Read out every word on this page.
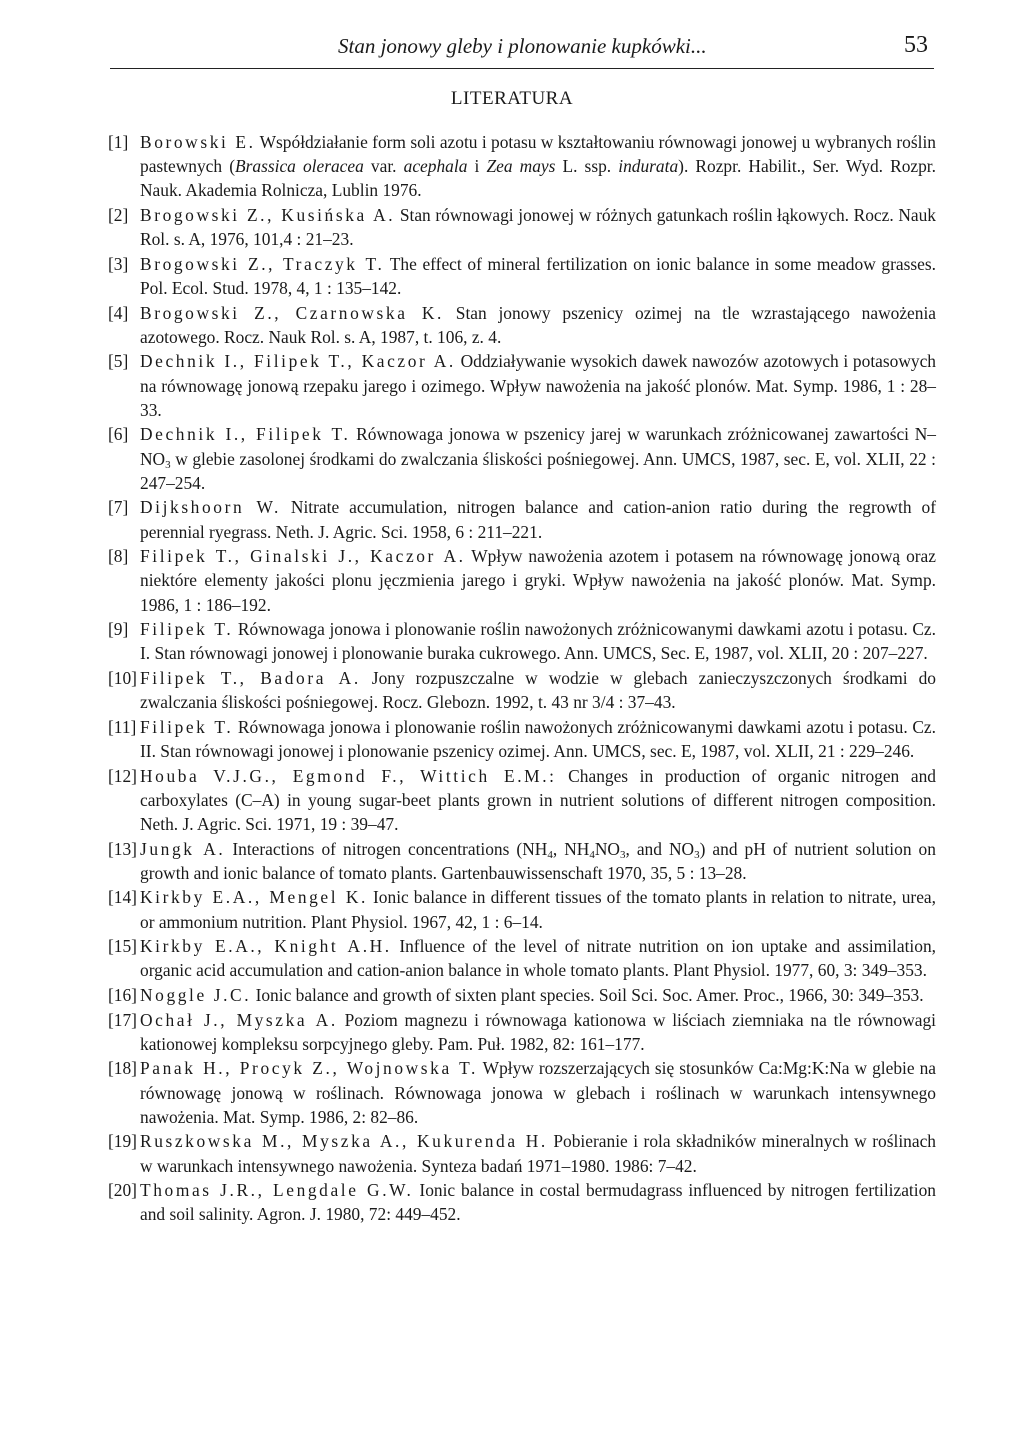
Stan jonowy gleby i plonowanie kupkówki...	53
LITERATURA
[1] Borowski E. Współdziałanie form soli azotu i potasu w kształtowaniu równowagi jonowej u wybranych roślin pastewnych (Brassica oleracea var. acephala i Zea mays L. ssp. indurata). Rozpr. Habilit., Ser. Wyd. Rozpr. Nauk. Akademia Rolnicza, Lublin 1976.
[2] Brogowski Z., Kusińska A. Stan równowagi jonowej w różnych gatunkach roślin łąkowych. Rocz. Nauk Rol. s. A, 1976, 101,4 : 21–23.
[3] Brogowski Z., Traczyk T. The effect of mineral fertilization on ionic balance in some meadow grasses. Pol. Ecol. Stud. 1978, 4, 1 : 135–142.
[4] Brogowski Z., Czarnowska K. Stan jonowy pszenicy ozimej na tle wzrastającego nawożenia azotowego. Rocz. Nauk Rol. s. A, 1987, t. 106, z. 4.
[5] Dechnik I., Filipek T., Kaczor A. Oddziaływanie wysokich dawek nawozów azotowych i potasowych na równowagę jonową rzepaku jarego i ozimego. Wpływ nawożenia na jakość plonów. Mat. Symp. 1986, 1 : 28–33.
[6] Dechnik I., Filipek T. Równowaga jonowa w pszenicy jarej w warunkach zróżnicowanej zawartości $N-NO_3$ w glebie zasolonej środkami do zwalczania śliskości pośniegowej. Ann. UMCS, 1987, sec. E, vol. XLII, 22 : 247–254.
[7] Dijkshoorn W. Nitrate accumulation, nitrogen balance and cation-anion ratio during the regrowth of perennial ryegrass. Neth. J. Agric. Sci. 1958, 6 : 211–221.
[8] Filipek T., Ginalski J., Kaczor A. Wpływ nawożenia azotem i potasem na równowagę jonową oraz niektóre elementy jakości plonu jęczmienia jarego i gryki. Wpływ nawożenia na jakość plonów. Mat. Symp. 1986, 1 : 186–192.
[9] Filipek T. Równowaga jonowa i plonowanie roślin nawożonych zróżnicowanymi dawkami azotu i potasu. Cz. I. Stan równowagi jonowej i plonowanie buraka cukrowego. Ann. UMCS, Sec. E, 1987, vol. XLII, 20 : 207–227.
[10] Filipek T., Badora A. Jony rozpuszczalne w wodzie w glebach zanieczyszczonych środkami do zwalczania śliskości pośniegowej. Rocz. Glebozn. 1992, t. 43 nr 3/4 : 37–43.
[11] Filipek T. Równowaga jonowa i plonowanie roślin nawożonych zróżnicowanymi dawkami azotu i potasu. Cz. II. Stan równowagi jonowej i plonowanie pszenicy ozimej. Ann. UMCS, sec. E, 1987, vol. XLII, 21 : 229–246.
[12] Houba V.J.G., Egmond F., Wittich E.M.: Changes in production of organic nitrogen and carboxylates (C–A) in young sugar-beet plants grown in nutrient solutions of different nitrogen composition. Neth. J. Agric. Sci. 1971, 19 : 39–47.
[13] Jungk A. Interactions of nitrogen concentrations ($NH_4$, $NH_4NO_3$, and $NO_3$) and pH of nutrient solution on growth and ionic balance of tomato plants. Gartenbauwissenschaft 1970, 35, 5 : 13–28.
[14] Kirkby E.A., Mengel K. Ionic balance in different tissues of the tomato plants in relation to nitrate, urea, or ammonium nutrition. Plant Physiol. 1967, 42, 1 : 6–14.
[15] Kirkby E.A., Knight A.H. Influence of the level of nitrate nutrition on ion uptake and assimilation, organic acid accumulation and cation-anion balance in whole tomato plants. Plant Physiol. 1977, 60, 3: 349–353.
[16] Noggle J.C. Ionic balance and growth of sixten plant species. Soil Sci. Soc. Amer. Proc., 1966, 30: 349–353.
[17] Ochał J., Myszka A. Poziom magnezu i równowaga kationowa w liściach ziemniaka na tle równowagi kationowej kompleksu sorpcyjnego gleby. Pam. Puł. 1982, 82: 161–177.
[18] Panak H., Procyk Z., Wojnowska T. Wpływ rozszerzających się stosunków Ca:Mg:K:Na w glebie na równowagę jonową w roślinach. Równowaga jonowa w glebach i roślinach w warunkach intensywnego nawożenia. Mat. Symp. 1986, 2: 82–86.
[19] Ruszkowska M., Myszka A., Kukurenda H. Pobieranie i rola składników mineralnych w roślinach w warunkach intensywnego nawożenia. Synteza badań 1971–1980. 1986: 7–42.
[20] Thomas J.R., Lengdale G.W. Ionic balance in costal bermudagrass influenced by nitrogen fertilization and soil salinity. Agron. J. 1980, 72: 449–452.
